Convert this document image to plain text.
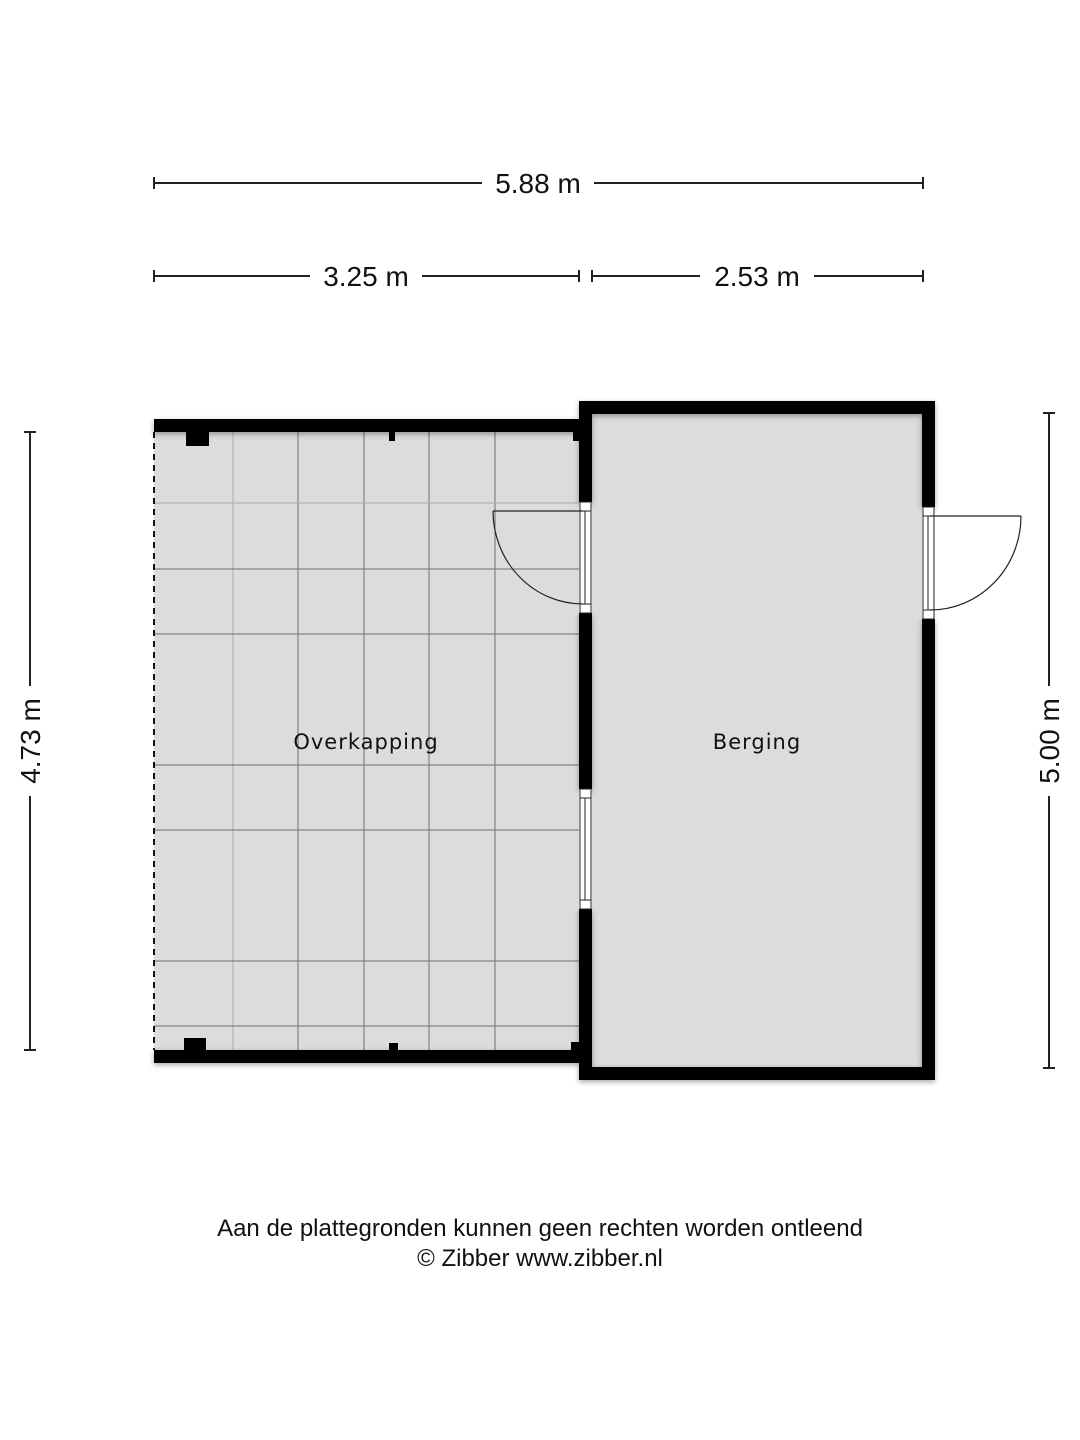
5.88 m
3.25 m	2.53 m
4.73 m	5.00 m
Overkapping	Berging
Aan de plattegronden kunnen geen rechten worden ontleend
© Zibber www.zibber.nl
